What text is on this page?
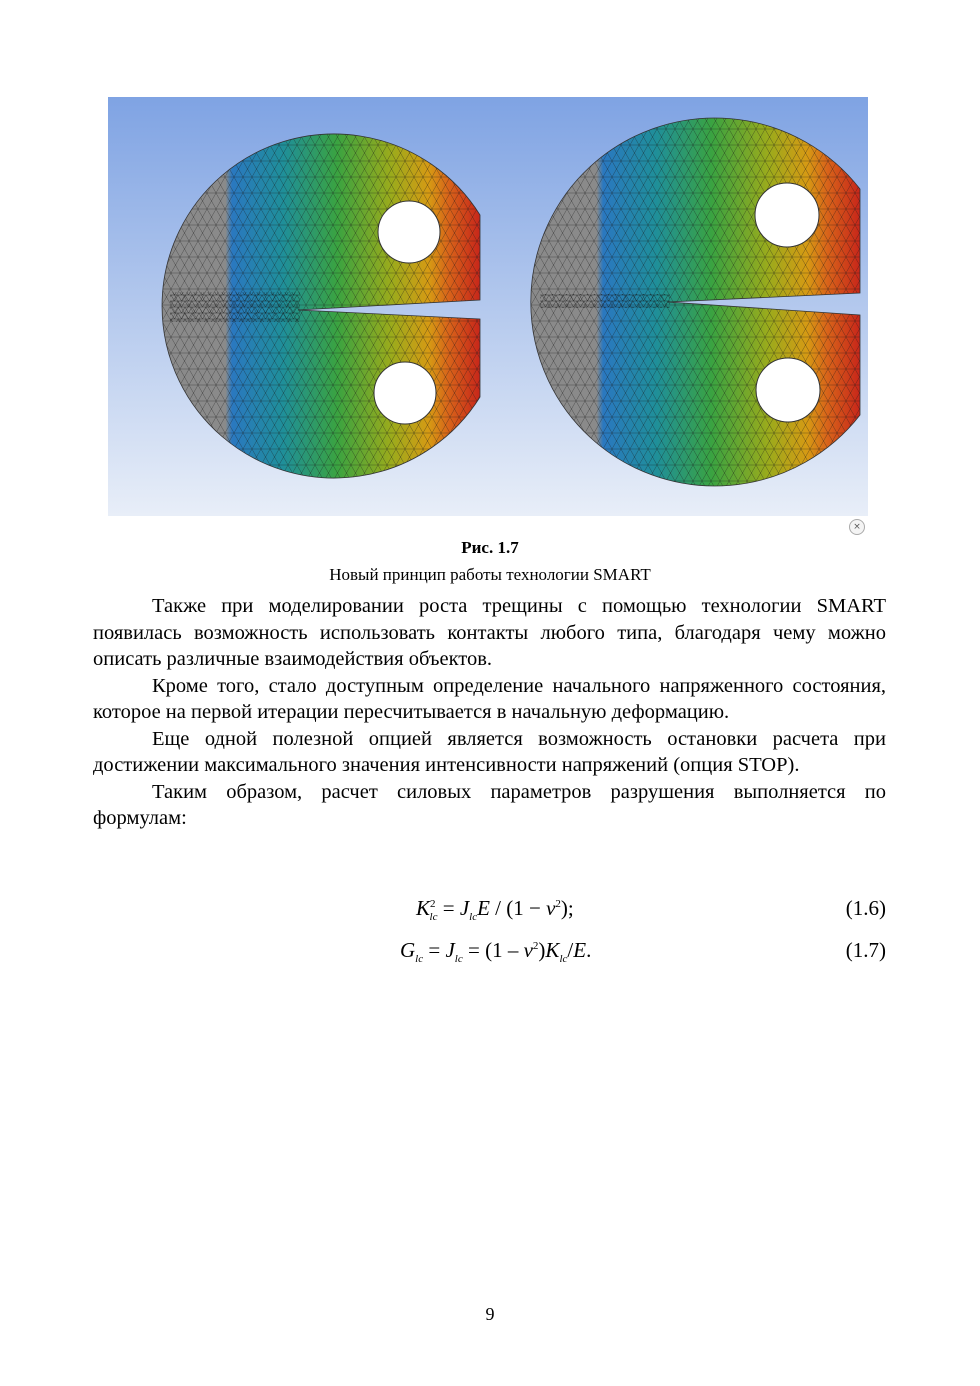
×
Рис. 1.7
Новый принцип работы технологии SMART

Также при моделировании роста трещины с помощью технологии SMART появилась возможность использовать контакты любого типа, благодаря чему можно описать различные взаимодействия объектов.

Кроме того, стало доступным определение начального напряженного состояния, которое на первой итерации пересчитывается в начальную деформацию.

Еще одной полезной опцией является возможность остановки расчета при достижении максимального значения интенсивности напряжений (опция STOP).

Таким образом, расчет силовых параметров разрушения выполняется по формулам:

$K^2_{lc} = J_{lc}E / (1 - \nu^2)$;	(1.6)
$G_{lc} = J_{lc} = (1 - \nu^2)K_{lc}/E$.	(1.7)
9
